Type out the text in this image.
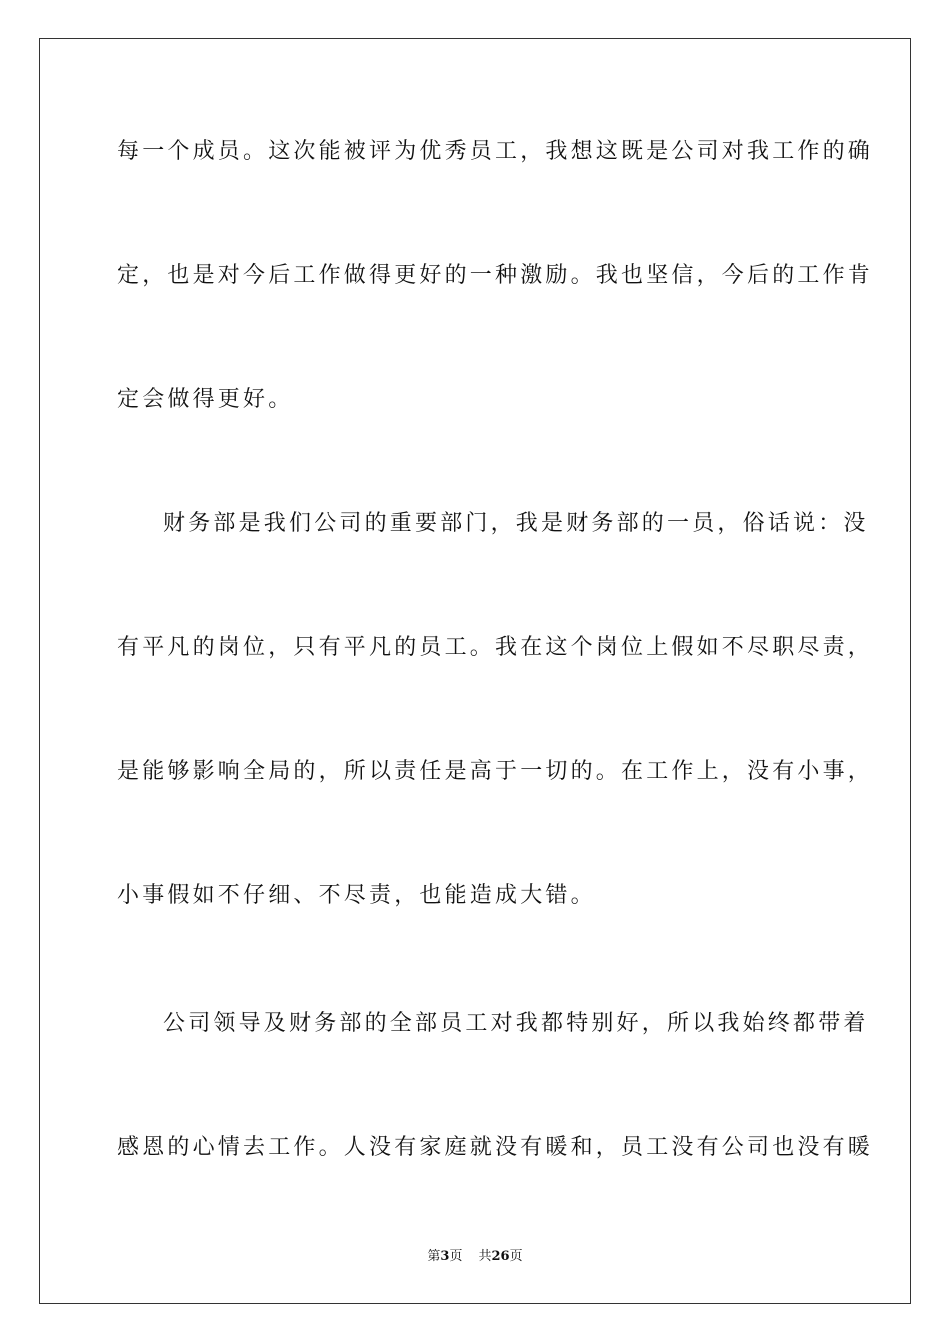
每一个成员。这次能被评为优秀员工，我想这既是公司对我工作的确
定，也是对今后工作做得更好的一种激励。我也坚信，今后的工作肯
定会做得更好。
财务部是我们公司的重要部门，我是财务部的一员，俗话说：没
有平凡的岗位，只有平凡的员工。我在这个岗位上假如不尽职尽责，
是能够影响全局的，所以责任是高于一切的。在工作上，没有小事，
小事假如不仔细、不尽责，也能造成大错。
公司领导及财务部的全部员工对我都特别好，所以我始终都带着
感恩的心情去工作。人没有家庭就没有暖和，员工没有公司也没有暖
第3页 共26页
